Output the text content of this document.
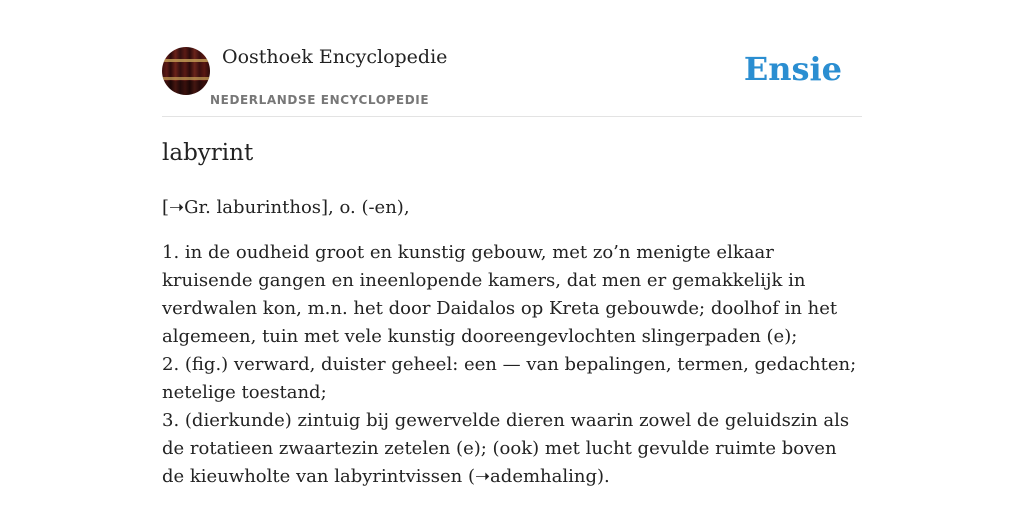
Oosthoek Encyclopedie
NEDERLANDSE ENCYCLOPEDIE
Ensie
labyrint
[➝Gr. laburinthos], o. (-en),
1. in de oudheid groot en kunstig gebouw, met zo’n menigte elkaar kruisende gangen en ineenlopende kamers, dat men er gemakkelijk in verdwalen kon, m.n. het door Daidalos op Kreta gebouwde; doolhof in het algemeen, tuin met vele kunstig dooreengevlochten slingerpaden (e);
2. (fig.) verward, duister geheel: een — van bepalingen, termen, gedachten; netelige toestand;
3. (dierkunde) zintuig bij gewervelde dieren waarin zowel de geluidszin als de rotatieen zwaartezin zetelen (e); (ook) met lucht gevulde ruimte boven de kieuwholte van labyrintvissen (➝ademhaling).
